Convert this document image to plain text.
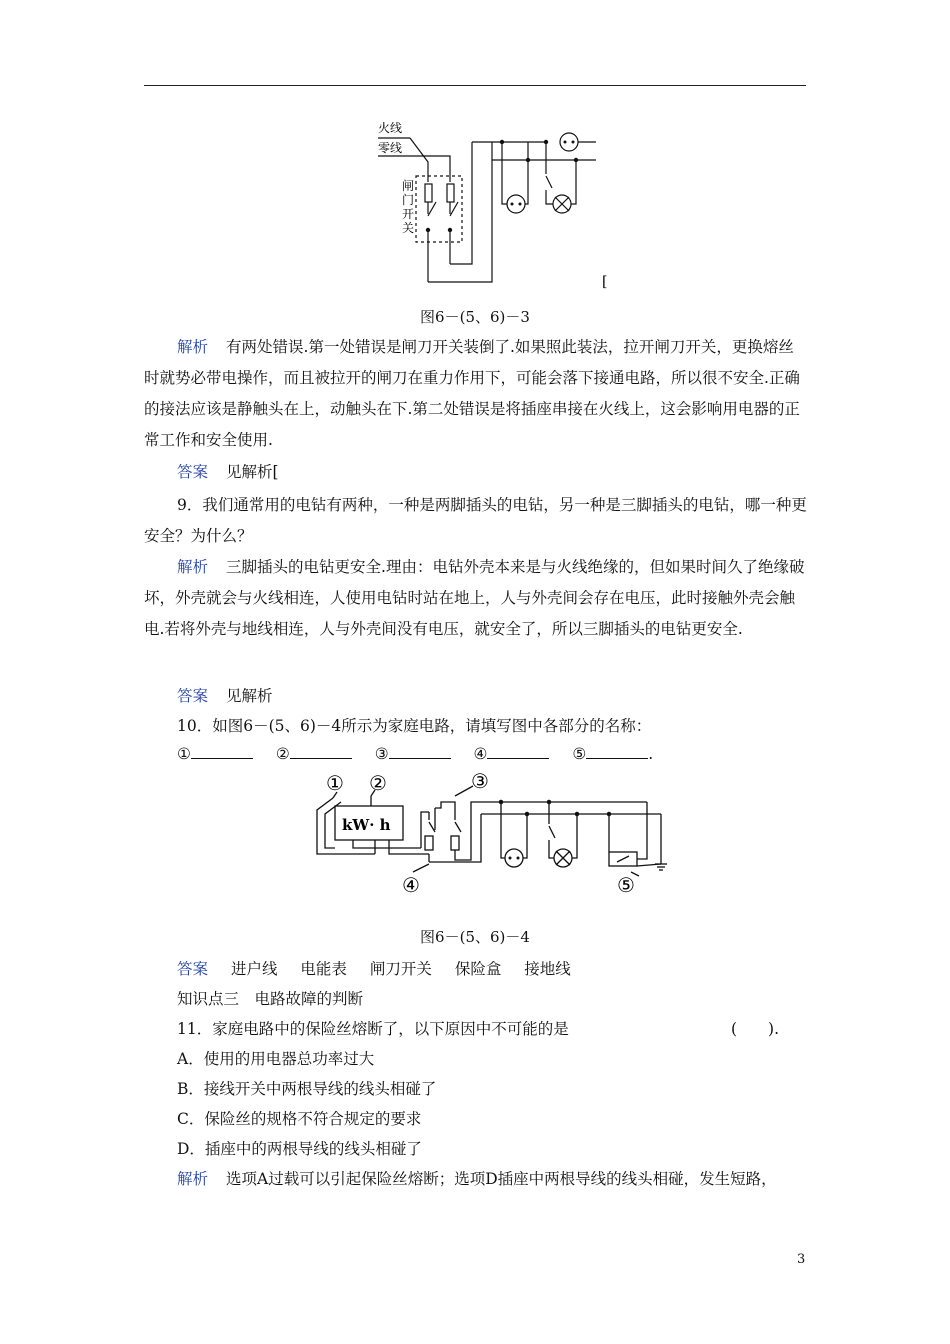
火线
零线
闸
门
开
关
[
图6－(5、6)－3
解析 有两处错误.第一处错误是闸刀开关装倒了.如果照此装法，拉开闸刀开关，更换熔丝时就势必带电操作，而且被拉开的闸刀在重力作用下，可能会落下接通电路，所以很不安全.正确的接法应该是静触头在上，动触头在下.第二处错误是将插座串接在火线上，这会影响用电器的正常工作和安全使用.
答案 见解析[
9．我们通常用的电钻有两种，一种是两脚插头的电钻，另一种是三脚插头的电钻，哪一种更安全？为什么？
解析 三脚插头的电钻更安全.理由：电钻外壳本来是与火线绝缘的，但如果时间久了绝缘破坏，外壳就会与火线相连，人使用电钻时站在地上，人与外壳间会存在电压，此时接触外壳会触电.若将外壳与地线相连，人与外壳间没有电压，就安全了，所以三脚插头的电钻更安全.
答案 见解析
10．如图6－(5、6)－4所示为家庭电路，请填写图中各部分的名称：
①	②	③	④	⑤	.
① ②	③
④	⑤
kW· h
图6－(5、6)－4
答案 进户线 电能表 闸刀开关 保险盒 接地线
知识点三　电路故障的判断
11．家庭电路中的保险丝熔断了，以下原因中不可能的是	(　　).
A．使用的用电器总功率过大
B．接线开关中两根导线的线头相碰了
C．保险丝的规格不符合规定的要求
D．插座中的两根导线的线头相碰了
解析 选项A过载可以引起保险丝熔断；选项D插座中两根导线的线头相碰，发生短路，
3
